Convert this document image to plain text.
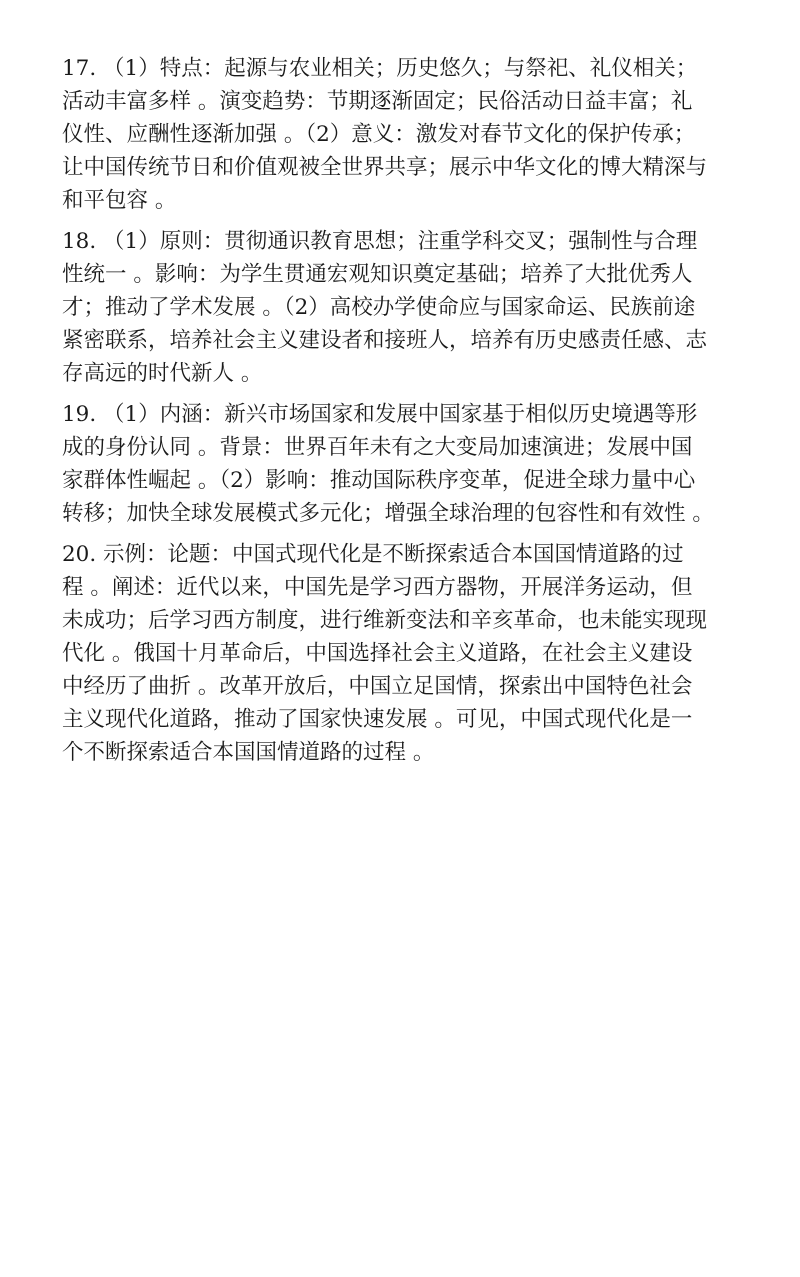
17. （1）特点：起源与农业相关；历史悠久；与祭祀、礼仪相关；
活动丰富多样 。演变趋势：节期逐渐固定；民俗活动日益丰富；礼
仪性、应酬性逐渐加强 。（2）意义：激发对春节文化的保护传承；
让中国传统节日和价值观被全世界共享；展示中华文化的博大精深与
和平包容 。
18. （1）原则：贯彻通识教育思想；注重学科交叉；强制性与合理
性统一 。影响：为学生贯通宏观知识奠定基础；培养了大批优秀人
才；推动了学术发展 。（2）高校办学使命应与国家命运、民族前途
紧密联系，培养社会主义建设者和接班人，培养有历史感责任感、志
存高远的时代新人 。
19. （1）内涵：新兴市场国家和发展中国家基于相似历史境遇等形
成的身份认同 。背景：世界百年未有之大变局加速演进；发展中国
家群体性崛起 。（2）影响：推动国际秩序变革，促进全球力量中心
转移；加快全球发展模式多元化；增强全球治理的包容性和有效性 。
20. 示例：论题：中国式现代化是不断探索适合本国国情道路的过
程 。阐述：近代以来，中国先是学习西方器物，开展洋务运动，但
未成功；后学习西方制度，进行维新变法和辛亥革命，也未能实现现
代化 。俄国十月革命后，中国选择社会主义道路，在社会主义建设
中经历了曲折 。改革开放后，中国立足国情，探索出中国特色社会
主义现代化道路，推动了国家快速发展 。可见，中国式现代化是一
个不断探索适合本国国情道路的过程 。
